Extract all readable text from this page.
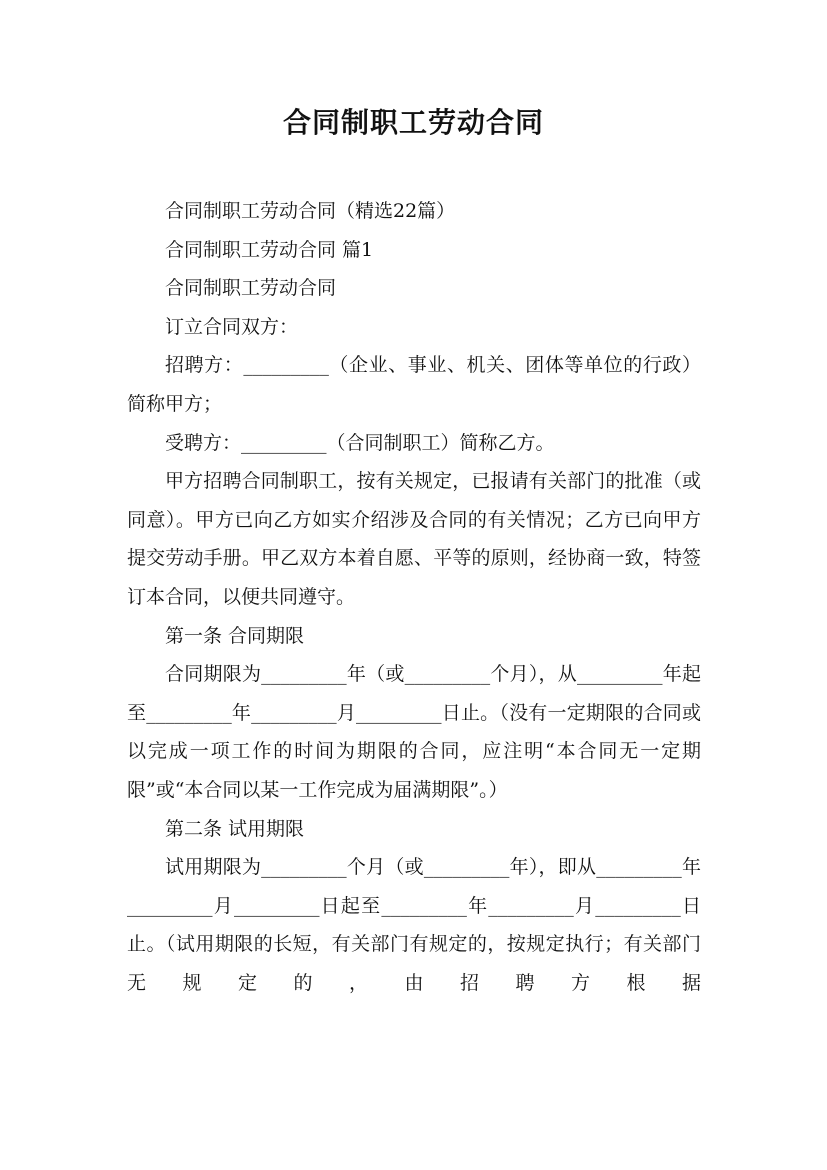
合同制职工劳动合同

合同制职工劳动合同（精选22篇）

合同制职工劳动合同 篇1

合同制职工劳动合同

订立合同双方：

招聘方：_________（企业、事业、机关、团体等单位的行政）简称甲方；

受聘方：_________（合同制职工）简称乙方。

甲方招聘合同制职工，按有关规定，已报请有关部门的批准（或同意）。甲方已向乙方如实介绍涉及合同的有关情况；乙方已向甲方提交劳动手册。甲乙双方本着自愿、平等的原则，经协商一致，特签订本合同，以便共同遵守。

第一条 合同期限

合同期限为_________年（或_________个月），从_________年起至_________年_________月_________日止。（没有一定期限的合同或以完成一项工作的时间为期限的合同，应注明“本合同无一定期限”或“本合同以某一工作完成为届满期限”。）

第二条 试用期限

试用期限为_________个月（或_________年），即从_________年_________月_________日起至_________年_________月_________日止。（试用期限的长短，有关部门有规定的，按规定执行；有关部门无规定的，由招聘方根据
